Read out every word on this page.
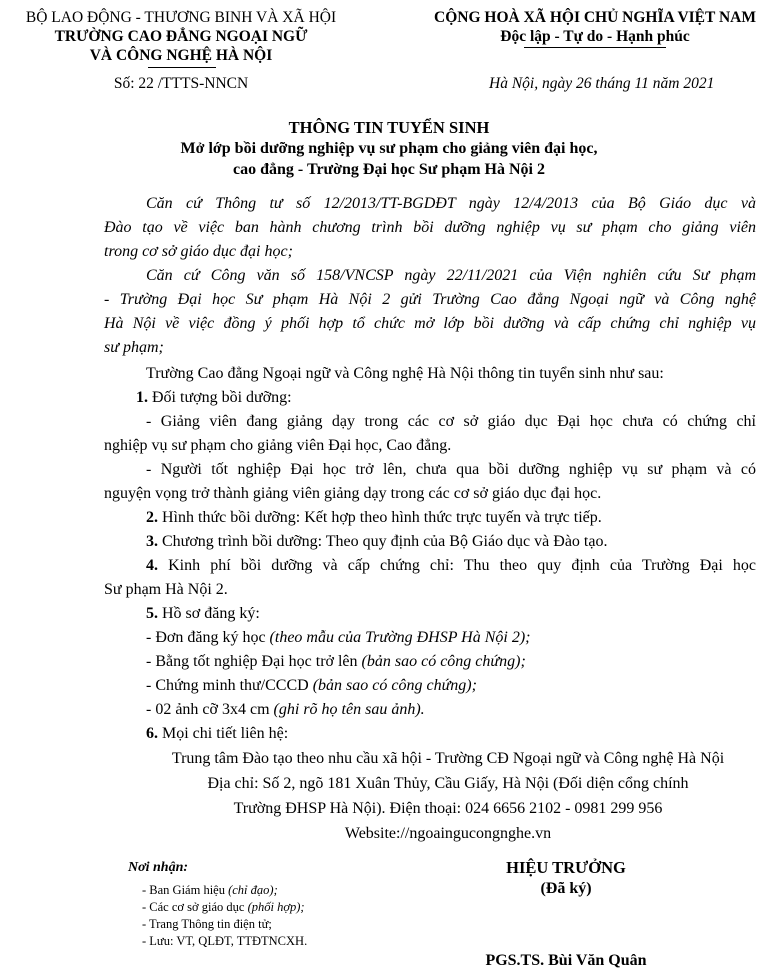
BỘ LAO ĐỘNG - THƯƠNG BINH VÀ XÃ HỘI
TRƯỜNG CAO ĐẲNG NGOẠI NGỮ
VÀ CÔNG NGHỆ HÀ NỘI
Số: 22 /TTTS-NNCN
CỘNG HOÀ XÃ HỘI CHỦ NGHĨA VIỆT NAM
Độc lập - Tự do - Hạnh phúc
Hà Nội, ngày 26 tháng 11 năm 2021
THÔNG TIN TUYỂN SINH
Mở lớp bồi dưỡng nghiệp vụ sư phạm cho giảng viên đại học,
cao đẳng - Trường Đại học Sư phạm Hà Nội 2
Căn cứ Thông tư số 12/2013/TT-BGDĐT ngày 12/4/2013 của Bộ Giáo dục và
Đào tạo về việc ban hành chương trình bồi dưỡng nghiệp vụ sư phạm cho giảng viên
trong cơ sở giáo dục đại học;
Căn cứ Công văn số 158/VNCSP ngày 22/11/2021 của Viện nghiên cứu Sư phạm
- Trường Đại học Sư phạm Hà Nội 2 gửi Trường Cao đẳng Ngoại ngữ và Công nghệ
Hà Nội về việc đồng ý phối hợp tổ chức mở lớp bồi dưỡng và cấp chứng chỉ nghiệp vụ
sư phạm;
Trường Cao đẳng Ngoại ngữ và Công nghệ Hà Nội thông tin tuyển sinh như sau:
1. Đối tượng bồi dưỡng:
- Giảng viên đang giảng dạy trong các cơ sở giáo dục Đại học chưa có chứng chỉ
nghiệp vụ sư phạm cho giảng viên Đại học, Cao đẳng.
- Người tốt nghiệp Đại học trở lên, chưa qua bồi dưỡng nghiệp vụ sư phạm và có
nguyện vọng trở thành giảng viên giảng dạy trong các cơ sở giáo dục đại học.
2. Hình thức bồi dưỡng: Kết hợp theo hình thức trực tuyến và trực tiếp.
3. Chương trình bồi dưỡng: Theo quy định của Bộ Giáo dục và Đào tạo.
4. Kinh phí bồi dưỡng và cấp chứng chỉ: Thu theo quy định của Trường Đại học
Sư phạm Hà Nội 2.
5. Hồ sơ đăng ký:
- Đơn đăng ký học (theo mẫu của Trường ĐHSP Hà Nội 2);
- Bằng tốt nghiệp Đại học trở lên (bản sao có công chứng);
- Chứng minh thư/CCCD (bản sao có công chứng);
- 02 ảnh cỡ 3x4 cm (ghi rõ họ tên sau ảnh).
6. Mọi chi tiết liên hệ:
Trung tâm Đào tạo theo nhu cầu xã hội - Trường CĐ Ngoại ngữ và Công nghệ Hà Nội
Địa chỉ: Số 2, ngõ 181 Xuân Thủy, Cầu Giấy, Hà Nội (Đối diện cổng chính
Trường ĐHSP Hà Nội). Điện thoại: 024 6656 2102 - 0981 299 956
Website://ngoaingucongnghe.vn
Nơi nhận:
- Ban Giám hiệu (chỉ đạo);
- Các cơ sở giáo dục (phối hợp);
- Trang Thông tin điện tử;
- Lưu: VT, QLĐT, TTĐTNCXH.
HIỆU TRƯỞNG
(Đã ký)
PGS.TS. Bùi Văn Quân
